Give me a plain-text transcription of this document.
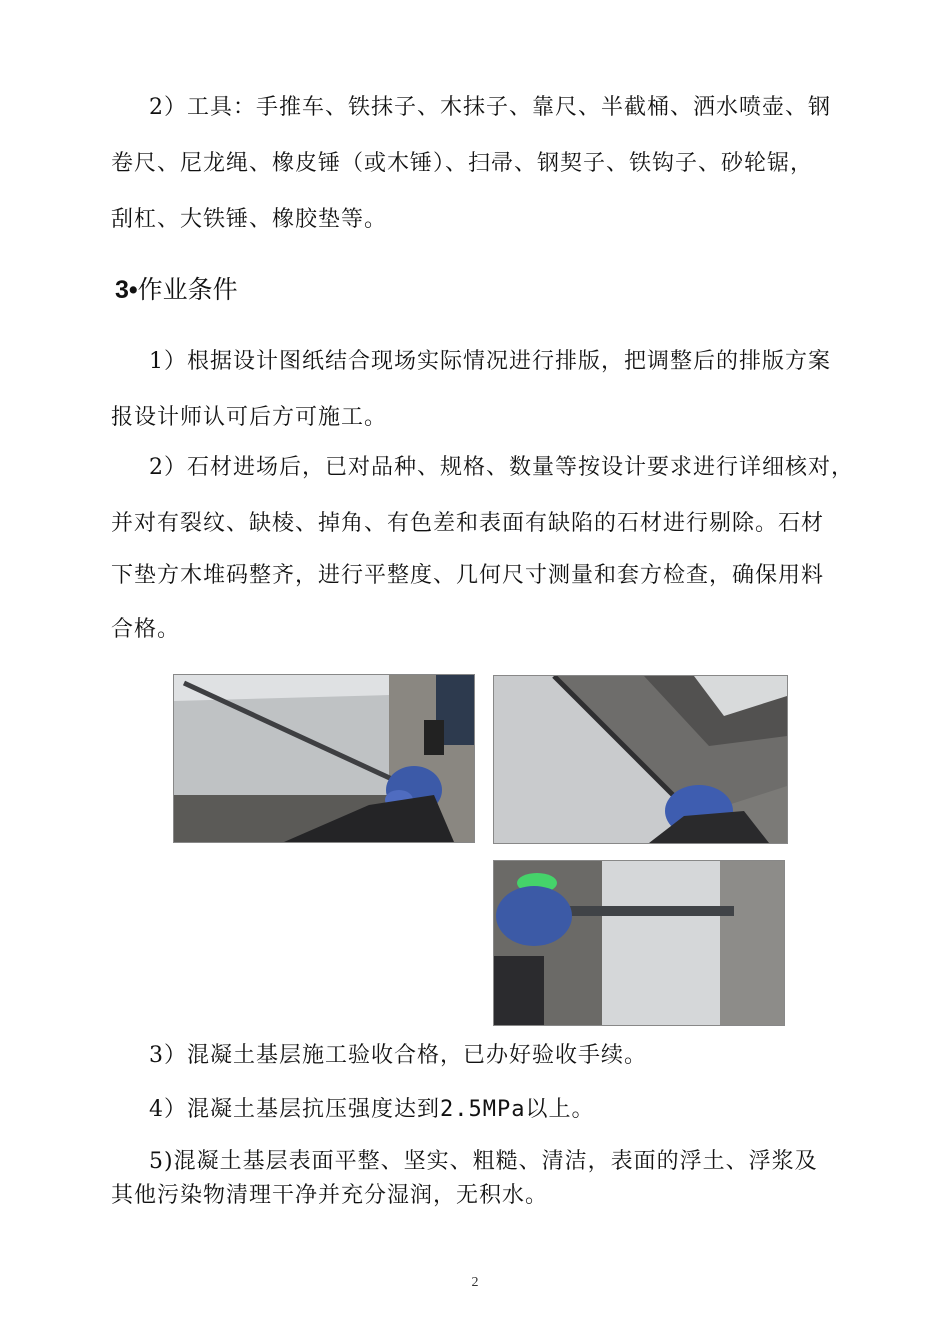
2）工具：手推车、铁抹子、木抹子、靠尺、半截桶、洒水喷壶、钢
卷尺、尼龙绳、橡皮锤（或木锤）、扫帚、钢契子、铁钩子、砂轮锯，
刮杠、大铁锤、橡胶垫等。
3•作业条件
1）根据设计图纸结合现场实际情况进行排版，把调整后的排版方案
报设计师认可后方可施工。
2）石材进场后，已对品种、规格、数量等按设计要求进行详细核对，
并对有裂纹、缺棱、掉角、有色差和表面有缺陷的石材进行剔除。石材
下垫方木堆码整齐，进行平整度、几何尺寸测量和套方检查，确保用料
合格。
3）混凝土基层施工验收合格，已办好验收手续。
4）混凝土基层抗压强度达到2.5MPa以上。
5)混凝土基层表面平整、坚实、粗糙、清洁，表面的浮土、浮浆及
其他污染物清理干净并充分湿润，无积水。
2
